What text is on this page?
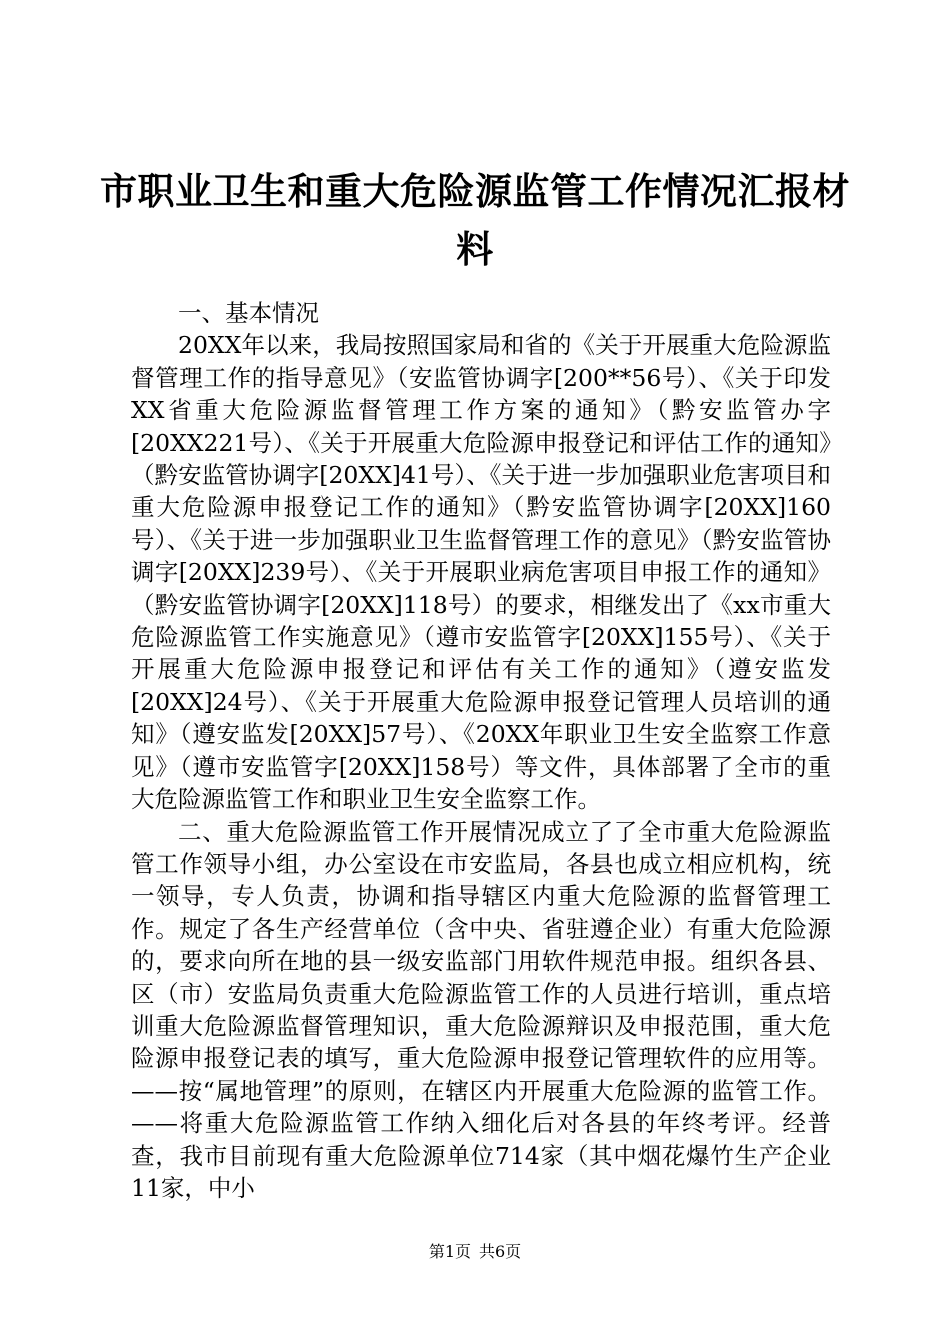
市职业卫生和重大危险源监管工作情况汇报材料

一、基本情况

20XX年以来，我局按照国家局和省的《关于开展重大危险源监督管理工作的指导意见》（安监管协调字[200**56号）、《关于印发XX省重大危险源监督管理工作方案的通知》（黔安监管办字[20XX221号）、《关于开展重大危险源申报登记和评估工作的通知》（黔安监管协调字[20XX]41号）、《关于进一步加强职业危害项目和重大危险源申报登记工作的通知》（黔安监管协调字[20XX]160号）、《关于进一步加强职业卫生监督管理工作的意见》（黔安监管协调字[20XX]239号）、《关于开展职业病危害项目申报工作的通知》（黔安监管协调字[20XX]118号）的要求，相继发出了《xx市重大危险源监管工作实施意见》（遵市安监管字[20XX]155号）、《关于开展重大危险源申报登记和评估有关工作的通知》（遵安监发[20XX]24号）、《关于开展重大危险源申报登记管理人员培训的通知》（遵安监发[20XX]57号）、《20XX年职业卫生安全监察工作意见》（遵市安监管字[20XX]158号）等文件，具体部署了全市的重大危险源监管工作和职业卫生安全监察工作。

二、重大危险源监管工作开展情况成立了了全市重大危险源监管工作领导小组，办公室设在市安监局，各县也成立相应机构，统一领导，专人负责，协调和指导辖区内重大危险源的监督管理工作。规定了各生产经营单位（含中央、省驻遵企业）有重大危险源的，要求向所在地的县一级安监部门用软件规范申报。组织各县、区（市）安监局负责重大危险源监管工作的人员进行培训，重点培训重大危险源监督管理知识，重大危险源辩识及申报范围，重大危险源申报登记表的填写，重大危险源申报登记管理软件的应用等。——按“属地管理”的原则，在辖区内开展重大危险源的监管工作。——将重大危险源监管工作纳入细化后对各县的年终考评。经普查，我市目前现有重大危险源单位714家（其中烟花爆竹生产企业11家，中小

第1页 共6页
